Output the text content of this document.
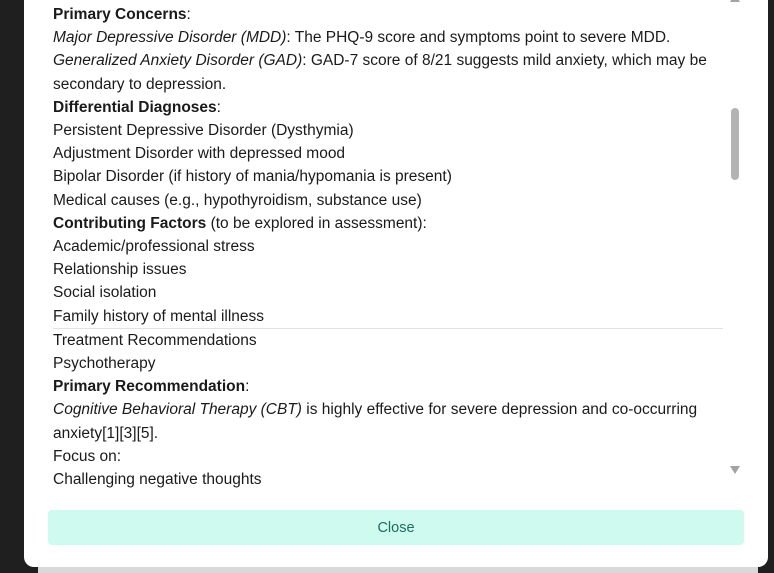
Primary Concerns:
Major Depressive Disorder (MDD): The PHQ-9 score and symptoms point to severe MDD.
Generalized Anxiety Disorder (GAD): GAD-7 score of 8/21 suggests mild anxiety, which may be secondary to depression.
Differential Diagnoses:
Persistent Depressive Disorder (Dysthymia)
Adjustment Disorder with depressed mood
Bipolar Disorder (if history of mania/hypomania is present)
Medical causes (e.g., hypothyroidism, substance use)
Contributing Factors (to be explored in assessment):
Academic/professional stress
Relationship issues
Social isolation
Family history of mental illness
Treatment Recommendations
Psychotherapy
Primary Recommendation:
Cognitive Behavioral Therapy (CBT) is highly effective for severe depression and co-occurring anxiety[1][3][5].
Focus on:
Challenging negative thoughts
Close
